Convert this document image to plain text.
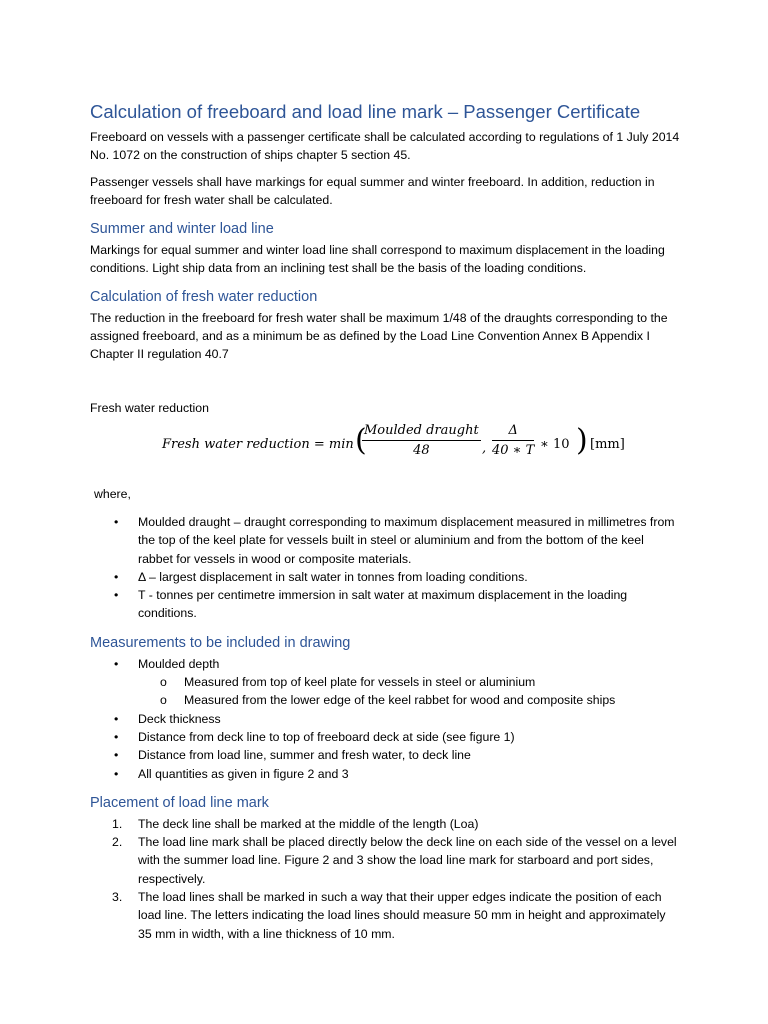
Calculation of freeboard and load line mark – Passenger Certificate

Freeboard on vessels with a passenger certificate shall be calculated according to regulations of 1 July 2014 No. 1072 on the construction of ships chapter 5 section 45.

Passenger vessels shall have markings for equal summer and winter freeboard. In addition, reduction in freeboard for fresh water shall be calculated.

Summer and winter load line

Markings for equal summer and winter load line shall correspond to maximum displacement in the loading conditions. Light ship data from an inclining test shall be the basis of the loading conditions.

Calculation of fresh water reduction

The reduction in the freeboard for fresh water shall be maximum 1/48 of the draughts corresponding to the assigned freeboard, and as a minimum be as defined by the Load Line Convention Annex B Appendix I Chapter II regulation 40.7

Fresh water reduction

Fresh water reduction = min (
Moulded draught
48	, $\frac{\Delta}{40 ∗ T}$ ∗ 10 ) [mm]
where,
• Moulded draught – draught corresponding to maximum displacement measured in millimetres from the top of the keel plate for vessels built in steel or aluminium and from the bottom of the keel rabbet for vessels in wood or composite materials.
• Δ – largest displacement in salt water in tonnes from loading conditions.
• T - tonnes per centimetre immersion in salt water at maximum displacement in the loading conditions.
Measurements to be included in drawing
• Moulded depth
o Measured from top of keel plate for vessels in steel or aluminium
o Measured from the lower edge of the keel rabbet for wood and composite ships
• Deck thickness
• Distance from deck line to top of freeboard deck at side (see figure 1)
• Distance from load line, summer and fresh water, to deck line
• All quantities as given in figure 2 and 3
Placement of load line mark
1. The deck line shall be marked at the middle of the length (Loa)
2. The load line mark shall be placed directly below the deck line on each side of the vessel on a level with the summer load line. Figure 2 and 3 show the load line mark for starboard and port sides, respectively.
3. The load lines shall be marked in such a way that their upper edges indicate the position of each load line. The letters indicating the load lines should measure 50 mm in height and approximately 35 mm in width, with a line thickness of 10 mm.
